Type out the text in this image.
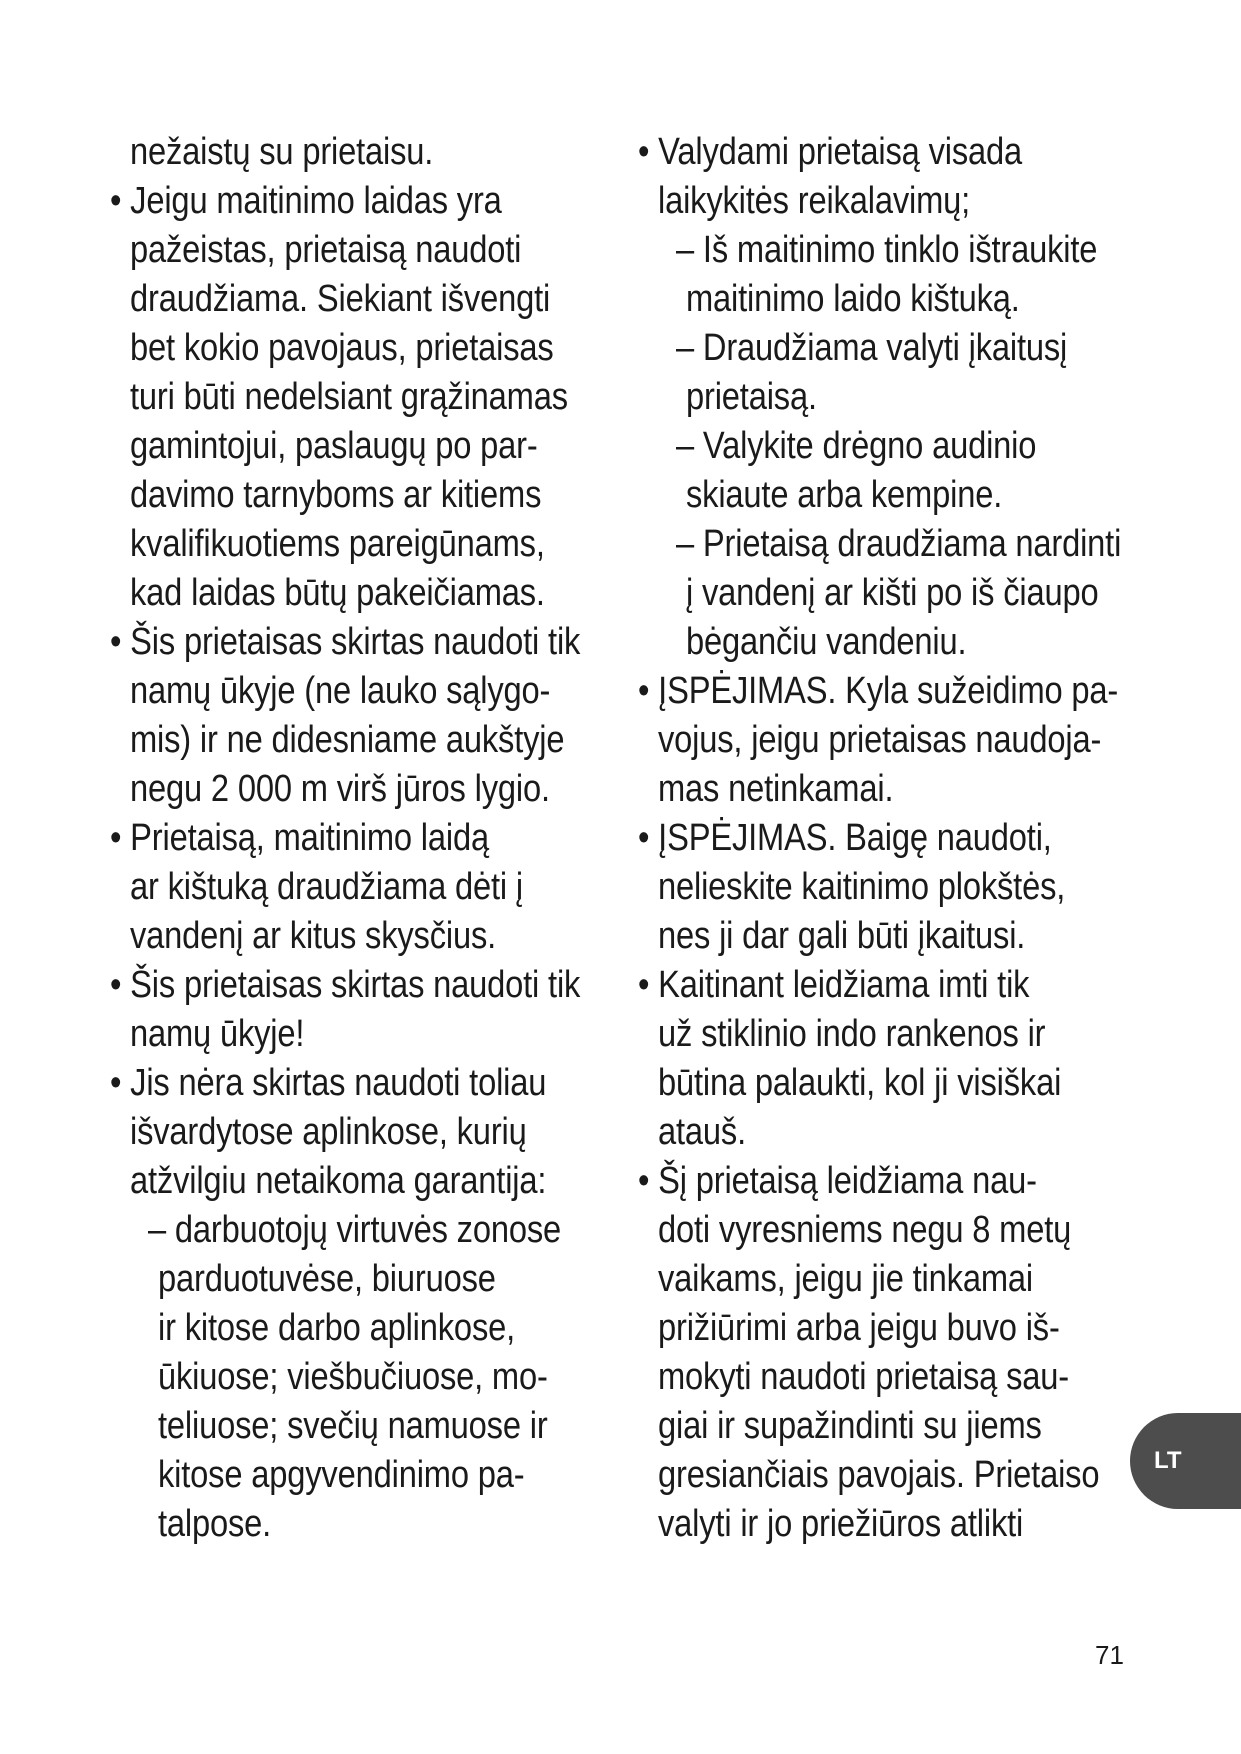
nežaistų su prietaisu.
• Jeigu maitinimo laidas yra
pažeistas, prietaisą naudoti
draudžiama. Siekiant išvengti
bet kokio pavojaus, prietaisas
turi būti nedelsiant grąžinamas
gamintojui, paslaugų po par-
davimo tarnyboms ar kitiems
kvalifikuotiems pareigūnams,
kad laidas būtų pakeičiamas.
• Šis prietaisas skirtas naudoti tik
namų ūkyje (ne lauko sąlygo-
mis) ir ne didesniame aukštyje
negu 2 000 m virš jūros lygio.
• Prietaisą, maitinimo laidą
ar kištuką draudžiama dėti į
vandenį ar kitus skysčius.
• Šis prietaisas skirtas naudoti tik
namų ūkyje!
• Jis nėra skirtas naudoti toliau
išvardytose aplinkose, kurių
atžvilgiu netaikoma garantija:
– darbuotojų virtuvės zonose
parduotuvėse, biuruose
ir kitose darbo aplinkose,
ūkiuose; viešbučiuose, mo-
teliuose; svečių namuose ir
kitose apgyvendinimo pa-
talpose.
• Valydami prietaisą visada
laikykitės reikalavimų;
– Iš maitinimo tinklo ištraukite
maitinimo laido kištuką.
– Draudžiama valyti įkaitusį
prietaisą.
– Valykite drėgno audinio
skiaute arba kempine.
– Prietaisą draudžiama nardinti
į vandenį ar kišti po iš čiaupo
bėgančiu vandeniu.
• ĮSPĖJIMAS. Kyla sužeidimo pa-
vojus, jeigu prietaisas naudoja-
mas netinkamai.
• ĮSPĖJIMAS. Baigę naudoti,
nelieskite kaitinimo plokštės,
nes ji dar gali būti įkaitusi.
• Kaitinant leidžiama imti tik
už stiklinio indo rankenos ir
būtina palaukti, kol ji visiškai
atauš.
• Šį prietaisą leidžiama nau-
doti vyresniems negu 8 metų
vaikams, jeigu jie tinkamai
prižiūrimi arba jeigu buvo iš-
mokyti naudoti prietaisą sau-
giai ir supažindinti su jiems
gresiančiais pavojais. Prietaiso
valyti ir jo priežiūros atlikti
LT
71
